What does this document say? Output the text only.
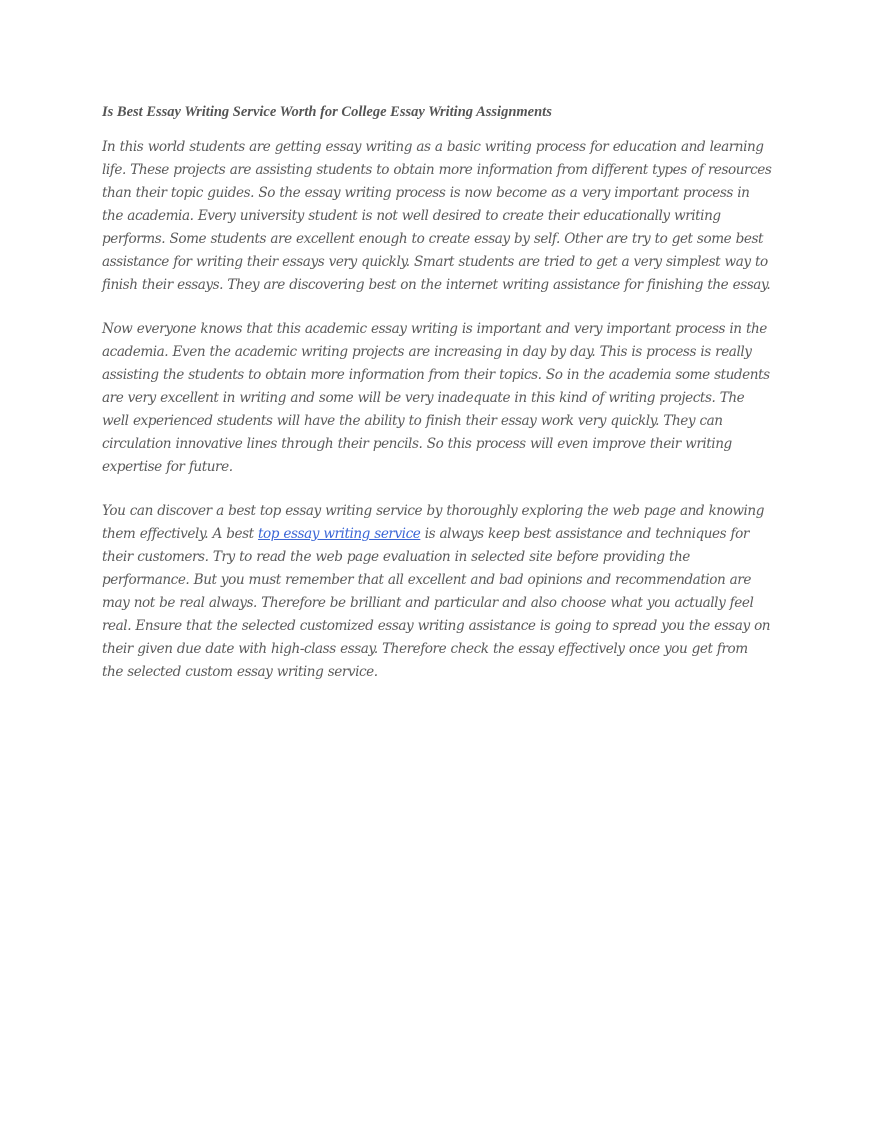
Is Best Essay Writing Service Worth for College Essay Writing Assignments

In this world students are getting essay writing as a basic writing process for education and learning life. These projects are assisting students to obtain more information from different types of resources than their topic guides. So the essay writing process is now become as a very important process in the academia. Every university student is not well desired to create their educationally writing performs. Some students are excellent enough to create essay by self. Other are try to get some best assistance for writing their essays very quickly. Smart students are tried to get a very simplest way to finish their essays. They are discovering best on the internet writing assistance for finishing the essay.

Now everyone knows that this academic essay writing is important and very important process in the academia. Even the academic writing projects are increasing in day by day. This is process is really assisting the students to obtain more information from their topics. So in the academia some students are very excellent in writing and some will be very inadequate in this kind of writing projects. The well experienced students will have the ability to finish their essay work very quickly. They can circulation innovative lines through their pencils. So this process will even improve their writing expertise for future.

You can discover a best top essay writing service by thoroughly exploring the web page and knowing them effectively. A best top essay writing service is always keep best assistance and techniques for their customers. Try to read the web page evaluation in selected site before providing the performance. But you must remember that all excellent and bad opinions and recommendation are may not be real always. Therefore be brilliant and particular and also choose what you actually feel real. Ensure that the selected customized essay writing assistance is going to spread you the essay on their given due date with high-class essay. Therefore check the essay effectively once you get from the selected custom essay writing service.
